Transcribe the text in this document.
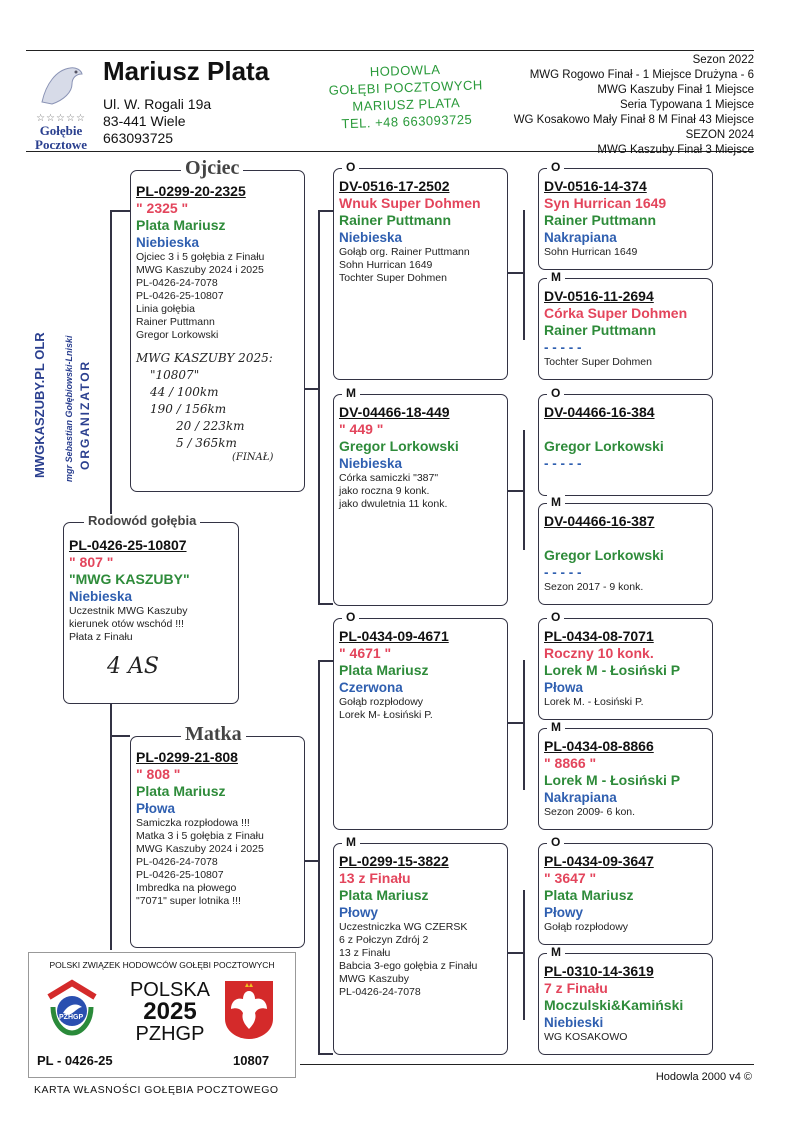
☆☆☆☆☆
Gołębie
Pocztowe
Mariusz Plata
Ul. W. Rogali 19a
83-441 Wiele
663093725
HODOWLA
GOŁĘBI POCZTOWYCH
MARIUSZ PLATA
TEL. +48 663093725
Sezon 2022
MWG Rogowo Finał - 1 Miejsce Drużyna - 6
MWG Kaszuby Finał 1 Miejsce
Seria Typowana 1 Miejsce
WG Kosakowo Mały Finał 8 M Finał 43 Miejsce
SEZON 2024
MWG Kaszuby Finał 3 Miejsce
MWGKASZUBY.PL OLR mgr Sebastian Gołębiowski-Lniski ORGANIZATOR
Ojciec
PL-0299-20-2325
" 2325 "
Plata Mariusz
Niebieska
Ojciec 3 i 5 gołębia z Finału
MWG Kaszuby 2024 i 2025
PL-0426-24-7078
PL-0426-25-10807
Linia gołębia
Rainer Puttmann
Gregor Lorkowski
MWG KASZUBY 2025:
"10807"
44 / 100km
190 / 156km
20 / 223km
5 / 365km
(FINAŁ)
Rodowód gołębia
PL-0426-25-10807
" 807 "
"MWG KASZUBY"
Niebieska
Uczestnik MWG Kaszuby
kierunek otów wschód !!!
Płata z Finału
4 AS
Matka
PL-0299-21-808
" 808 "
Plata Mariusz
Płowa
Samiczka rozpłodowa !!!
Matka 3 i 5 gołębia z Finału
MWG Kaszuby 2024 i 2025
PL-0426-24-7078
PL-0426-25-10807
Imbredka na płowego
"7071" super lotnika !!!
O
DV-0516-17-2502
Wnuk Super Dohmen
Rainer Puttmann
Niebieska
Gołąb org. Rainer Puttmann
Sohn Hurrican 1649
Tochter Super Dohmen
M
DV-04466-18-449
" 449 "
Gregor Lorkowski
Niebieska
Córka samiczki "387"
jako roczna 9 konk.
jako dwuletnia 11 konk.
O
PL-0434-09-4671
" 4671 "
Plata Mariusz
Czerwona
Gołąb rozpłodowy
Lorek M- Łosiński P.
M
PL-0299-15-3822
13 z Finału
Plata Mariusz
Płowy
Uczestniczka WG CZERSK
6 z Połczyn Zdrój 2
13 z Finału
Babcia 3-ego gołębia z Finału
MWG Kaszuby
PL-0426-24-7078
O
DV-0516-14-374
Syn Hurrican 1649
Rainer Puttmann
Nakrapiana
Sohn Hurrican 1649
M
DV-0516-11-2694
Córka Super Dohmen
Rainer Puttmann
- - - - -
Tochter Super Dohmen
O
DV-04466-16-384
Gregor Lorkowski
- - - - -
M
DV-04466-16-387
Gregor Lorkowski
- - - - -
Sezon 2017 - 9 konk.
O
PL-0434-08-7071
Roczny 10 konk.
Lorek M - Łosiński P
Płowa
Lorek M. - Łosiński P.
M
PL-0434-08-8866
" 8866 "
Lorek M - Łosiński P
Nakrapiana
Sezon 2009- 6 kon.
O
PL-0434-09-3647
" 3647 "
Plata Mariusz
Płowy
Gołąb rozpłodowy
M
PL-0310-14-3619
7 z Finału
Moczulski&Kamiński
Niebieski
WG KOSAKOWO
Hodowla 2000 v4 ©
POLSKI ZWIĄZEK HODOWCÓW GOŁĘBI POCZTOWYCH
PZHGP
POLSKA
2025
PZHGP
PL - 0426-25	10807
KARTA WŁASNOŚCI GOŁĘBIA POCZTOWEGO
